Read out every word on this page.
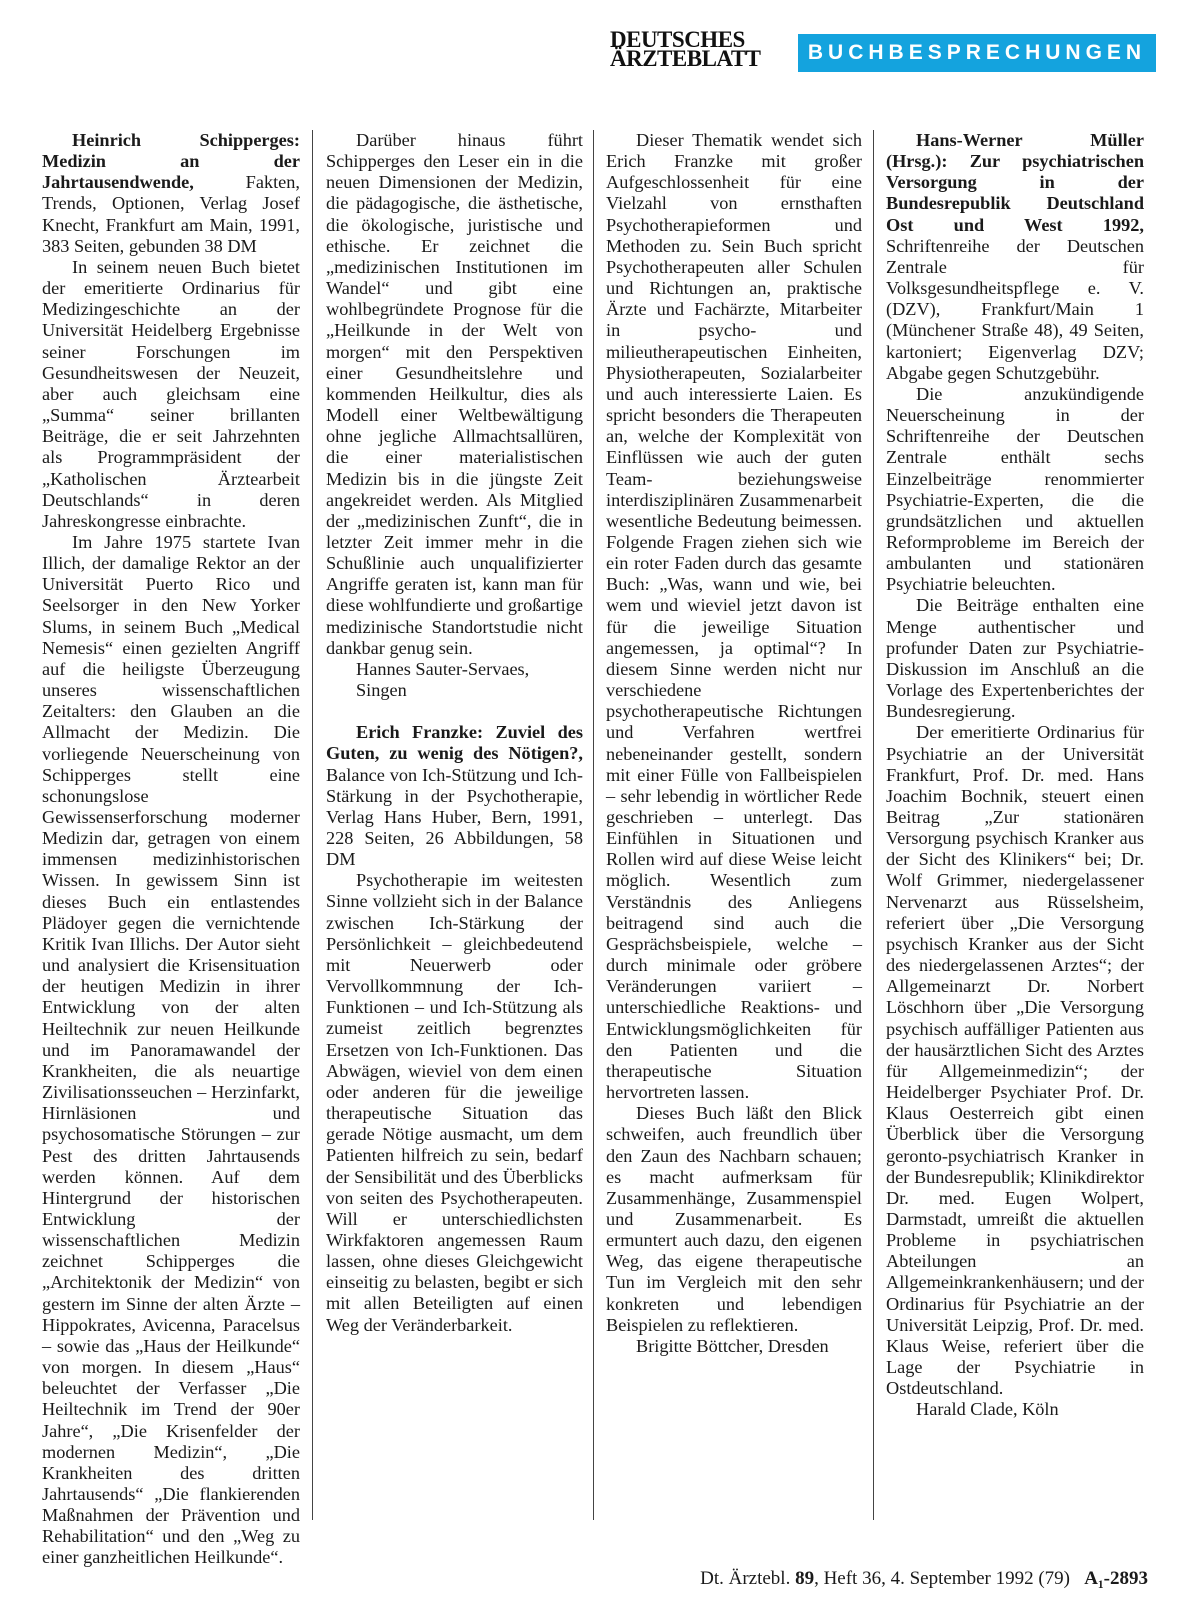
DEUTSCHES
ÄRZTEBLATT	BUCHBESPRECHUNGEN

Heinrich Schipperges: Medizin an der Jahrtausendwende, Fakten, Trends, Optionen, Verlag Josef Knecht, Frankfurt am Main, 1991, 383 Seiten, gebunden 38 DM

In seinem neuen Buch bietet der emeritierte Ordinarius für Medizingeschichte an der Universität Heidelberg Ergebnisse seiner Forschungen im Gesundheitswesen der Neuzeit, aber auch gleichsam eine „Summa“ seiner brillanten Beiträge, die er seit Jahrzehnten als Programmpräsident der „Katholischen Ärztearbeit Deutschlands“ in deren Jahreskongresse einbrachte.

Im Jahre 1975 startete Ivan Illich, der damalige Rektor an der Universität Puerto Rico und Seelsorger in den New Yorker Slums, in seinem Buch „Medical Nemesis“ einen gezielten Angriff auf die heiligste Überzeugung unseres wissenschaftlichen Zeitalters: den Glauben an die Allmacht der Medizin. Die vorliegende Neuerscheinung von Schipperges stellt eine schonungslose Gewissenserforschung moderner Medizin dar, getragen von einem immensen medizinhistorischen Wissen. In gewissem Sinn ist dieses Buch ein entlastendes Plädoyer gegen die vernichtende Kritik Ivan Illichs. Der Autor sieht und analysiert die Krisensituation der heutigen Medizin in ihrer Entwicklung von der alten Heiltechnik zur neuen Heilkunde und im Panoramawandel der Krankheiten, die als neuartige Zivilisationsseuchen – Herzinfarkt, Hirnläsionen und psychosomatische Störungen – zur Pest des dritten Jahrtausends werden können. Auf dem Hintergrund der historischen Entwicklung der wissenschaftlichen Medizin zeichnet Schipperges die „Architektonik der Medizin“ von gestern im Sinne der alten Ärzte – Hippokrates, Avicenna, Paracelsus – sowie das „Haus der Heilkunde“ von morgen. In diesem „Haus“ beleuchtet der Verfasser „Die Heiltechnik im Trend der 90er Jahre“, „Die Krisenfelder der modernen Medizin“, „Die Krankheiten des dritten Jahrtausends“ „Die flankierenden Maßnahmen der Prävention und Rehabilitation“ und den „Weg zu einer ganzheitlichen Heilkunde“.

Darüber hinaus führt Schipperges den Leser ein in die neuen Dimensionen der Medizin, die pädagogische, die ästhetische, die ökologische, juristische und ethische. Er zeichnet die „medizinischen Institutionen im Wandel“ und gibt eine wohlbegründete Prognose für die „Heilkunde in der Welt von morgen“ mit den Perspektiven einer Gesundheitslehre und kommenden Heilkultur, dies als Modell einer Weltbewältigung ohne jegliche Allmachtsallüren, die einer materialistischen Medizin bis in die jüngste Zeit angekreidet werden. Als Mitglied der „medizinischen Zunft“, die in letzter Zeit immer mehr in die Schußlinie auch unqualifizierter Angriffe geraten ist, kann man für diese wohlfundierte und großartige medizinische Standortstudie nicht dankbar genug sein.

Hannes Sauter-Servaes,

Singen

Erich Franzke: Zuviel des Guten, zu wenig des Nötigen?, Balance von Ich-Stützung und Ich-Stärkung in der Psychotherapie, Verlag Hans Huber, Bern, 1991, 228 Seiten, 26 Abbildungen, 58 DM

Psychotherapie im weitesten Sinne vollzieht sich in der Balance zwischen Ich-Stärkung der Persönlichkeit – gleichbedeutend mit Neuerwerb oder Vervollkommnung der Ich-Funktionen – und Ich-Stützung als zumeist zeitlich begrenztes Ersetzen von Ich-Funktionen. Das Abwägen, wieviel von dem einen oder anderen für die jeweilige therapeutische Situation das gerade Nötige ausmacht, um dem Patienten hilfreich zu sein, bedarf der Sensibilität und des Überblicks von seiten des Psychotherapeuten. Will er unterschiedlichsten Wirkfaktoren angemessen Raum lassen, ohne dieses Gleichgewicht einseitig zu belasten, begibt er sich mit allen Beteiligten auf einen Weg der Veränderbarkeit.

Dieser Thematik wendet sich Erich Franzke mit großer Aufgeschlossenheit für eine Vielzahl von ernsthaften Psychotherapieformen und Methoden zu. Sein Buch spricht Psychotherapeuten aller Schulen und Richtungen an, praktische Ärzte und Fachärzte, Mitarbeiter in psycho- und milieutherapeutischen Einheiten, Physiotherapeuten, Sozialarbeiter und auch interessierte Laien. Es spricht besonders die Therapeuten an, welche der Komplexität von Einflüssen wie auch der guten Team- beziehungsweise interdisziplinären Zusammenarbeit wesentliche Bedeutung beimessen. Folgende Fragen ziehen sich wie ein roter Faden durch das gesamte Buch: „Was, wann und wie, bei wem und wieviel jetzt davon ist für die jeweilige Situation angemessen, ja optimal“? In diesem Sinne werden nicht nur verschiedene psychotherapeutische Richtungen und Verfahren wertfrei nebeneinander gestellt, sondern mit einer Fülle von Fallbeispielen – sehr lebendig in wörtlicher Rede geschrieben – unterlegt. Das Einfühlen in Situationen und Rollen wird auf diese Weise leicht möglich. Wesentlich zum Verständnis des Anliegens beitragend sind auch die Gesprächsbeispiele, welche – durch minimale oder gröbere Veränderungen variiert – unterschiedliche Reaktions- und Entwicklungsmöglichkeiten für den Patienten und die therapeutische Situation hervortreten lassen.

Dieses Buch läßt den Blick schweifen, auch freundlich über den Zaun des Nachbarn schauen; es macht aufmerksam für Zusammenhänge, Zusammenspiel und Zusammenarbeit. Es ermuntert auch dazu, den eigenen Weg, das eigene therapeutische Tun im Vergleich mit den sehr konkreten und lebendigen Beispielen zu reflektieren.

Brigitte Böttcher, Dresden

Hans-Werner Müller (Hrsg.): Zur psychiatrischen Versorgung in der Bundesrepublik Deutschland Ost und West 1992, Schriftenreihe der Deutschen Zentrale für Volksgesundheitspflege e. V. (DZV), Frankfurt/Main 1 (Münchener Straße 48), 49 Seiten, kartoniert; Eigenverlag DZV; Abgabe gegen Schutzgebühr.

Die anzukündigende Neuerscheinung in der Schriftenreihe der Deutschen Zentrale enthält sechs Einzelbeiträge renommierter Psychiatrie-Experten, die die grundsätzlichen und aktuellen Reformprobleme im Bereich der ambulanten und stationären Psychiatrie beleuchten.

Die Beiträge enthalten eine Menge authentischer und profunder Daten zur Psychiatrie-Diskussion im Anschluß an die Vorlage des Expertenberichtes der Bundesregierung.

Der emeritierte Ordinarius für Psychiatrie an der Universität Frankfurt, Prof. Dr. med. Hans Joachim Bochnik, steuert einen Beitrag „Zur stationären Versorgung psychisch Kranker aus der Sicht des Klinikers“ bei; Dr. Wolf Grimmer, niedergelassener Nervenarzt aus Rüsselsheim, referiert über „Die Versorgung psychisch Kranker aus der Sicht des niedergelassenen Arztes“; der Allgemeinarzt Dr. Norbert Löschhorn über „Die Versorgung psychisch auffälliger Patienten aus der hausärztlichen Sicht des Arztes für Allgemeinmedizin“; der Heidelberger Psychiater Prof. Dr. Klaus Oesterreich gibt einen Überblick über die Versorgung geronto-psychiatrisch Kranker in der Bundesrepublik; Klinikdirektor Dr. med. Eugen Wolpert, Darmstadt, umreißt die aktuellen Probleme in psychiatrischen Abteilungen an Allgemeinkrankenhäusern; und der Ordinarius für Psychiatrie an der Universität Leipzig, Prof. Dr. med. Klaus Weise, referiert über die Lage der Psychiatrie in Ostdeutschland.

Harald Clade, Köln

Dt. Ärztebl. 89, Heft 36, 4. September 1992 (79) A₁-2893
